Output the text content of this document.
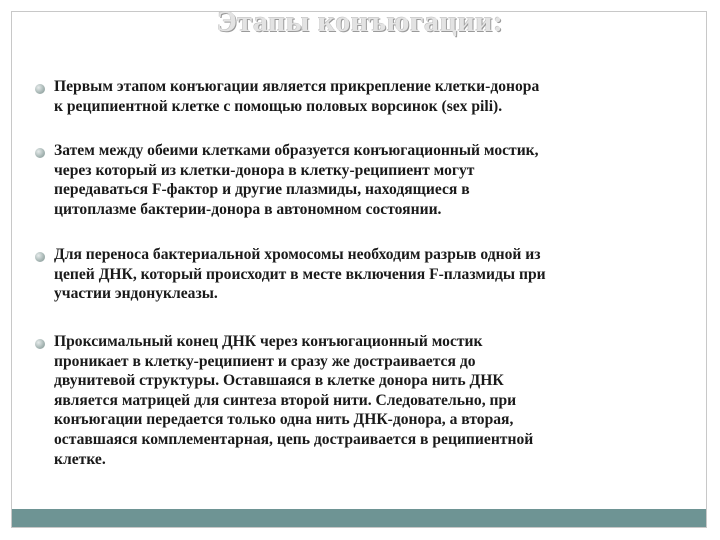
Этапы конъюгации:
Первым этапом конъюгации является прикрепление клетки-донора
к реципиентной клетке с помощью половых ворсинок (sex pili).
Затем между обеими клетками образуется конъюгационный мостик,
через который из клетки-донора в клетку-реципиент могут
передаваться F-фактор и другие плазмиды, находящиеся в
цитоплазме бактерии-донора в автономном состоянии.
Для переноса бактериальной хромосомы необходим разрыв одной из
цепей ДНК, который происходит в месте включения F-плазмиды при
участии эндонуклеазы.
Проксимальный конец ДНК через конъюгационный мостик
проникает в клетку-реципиент и сразу же достраивается до
двунитевой структуры. Оставшаяся в клетке донора нить ДНК
является матрицей для синтеза второй нити. Следовательно, при
конъюгации передается только одна нить ДНК-донора, а вторая,
оставшаяся комплементарная, цепь достраивается в реципиентной
клетке.
